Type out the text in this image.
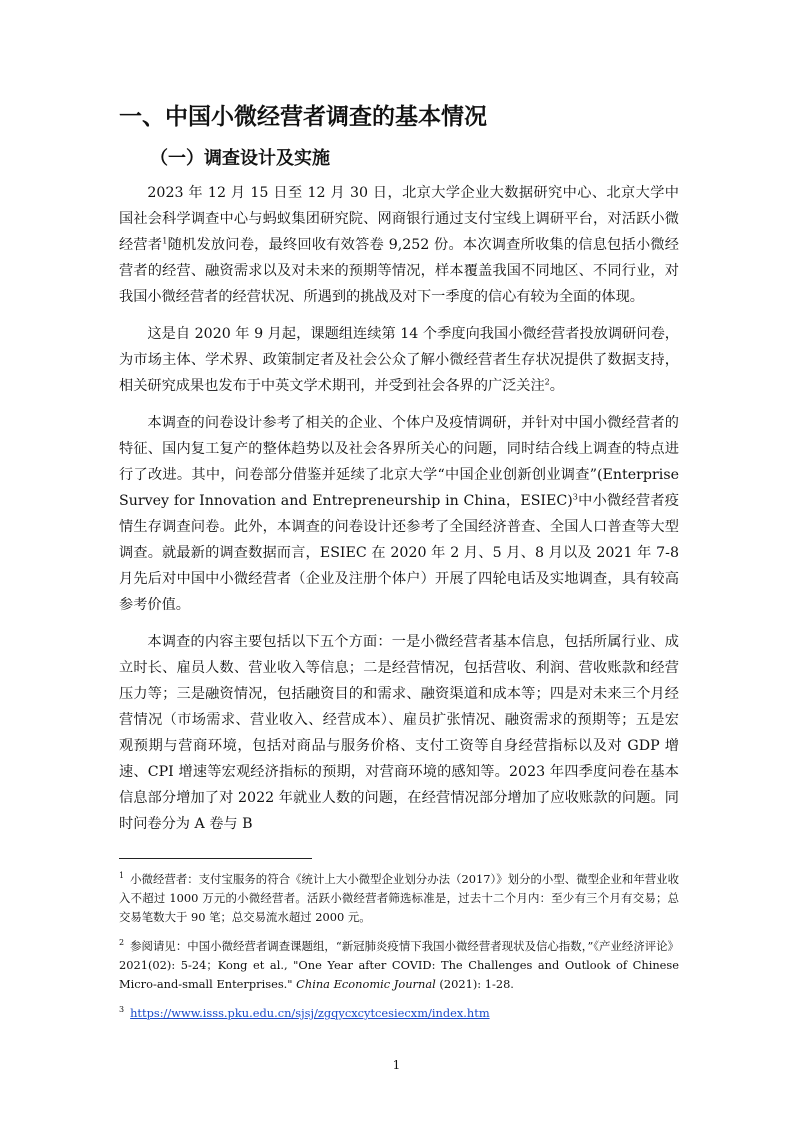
一、中国小微经营者调查的基本情况
（一）调查设计及实施

2023 年 12 月 15 日至 12 月 30 日，北京大学企业大数据研究中心、北京大学中国社会科学调查中心与蚂蚁集团研究院、网商银行通过支付宝线上调研平台，对活跃小微经营者$^1$随机发放问卷，最终回收有效答卷 9,252 份。本次调查所收集的信息包括小微经营者的经营、融资需求以及对未来的预期等情况，样本覆盖我国不同地区、不同行业，对我国小微经营者的经营状况、所遇到的挑战及对下一季度的信心有较为全面的体现。

这是自 2020 年 9 月起，课题组连续第 14 个季度向我国小微经营者投放调研问卷，为市场主体、学术界、政策制定者及社会公众了解小微经营者生存状况提供了数据支持，相关研究成果也发布于中英文学术期刊，并受到社会各界的广泛关注$^2$。

本调查的问卷设计参考了相关的企业、个体户及疫情调研，并针对中国小微经营者的特征、国内复工复产的整体趋势以及社会各界所关心的问题，同时结合线上调查的特点进行了改进。其中，问卷部分借鉴并延续了北京大学“中国企业创新创业调查”(Enterprise Survey for Innovation and Entrepreneurship in China，ESIEC)$^3$中小微经营者疫情生存调查问卷。此外，本调查的问卷设计还参考了全国经济普查、全国人口普查等大型调查。就最新的调查数据而言，ESIEC 在 2020 年 2 月、5 月、8 月以及 2021 年 7-8 月先后对中国中小微经营者（企业及注册个体户）开展了四轮电话及实地调查，具有较高参考价值。

本调查的内容主要包括以下五个方面：一是小微经营者基本信息，包括所属行业、成立时长、雇员人数、营业收入等信息；二是经营情况，包括营收、利润、营收账款和经营压力等；三是融资情况，包括融资目的和需求、融资渠道和成本等；四是对未来三个月经营情况（市场需求、营业收入、经营成本）、雇员扩张情况、融资需求的预期等；五是宏观预期与营商环境，包括对商品与服务价格、支付工资等自身经营指标以及对 GDP 增速、CPI 增速等宏观经济指标的预期，对营商环境的感知等。2023 年四季度问卷在基本信息部分增加了对 2022 年就业人数的问题，在经营情况部分增加了应收账款的问题。同时问卷分为 A 卷与 B

$^1$ 小微经营者：支付宝服务的符合《统计上大小微型企业划分办法（2017）》划分的小型、微型企业和年营业收入不超过 1000 万元的小微经营者。活跃小微经营者筛选标准是，过去十二个月内：至少有三个月有交易；总交易笔数大于 90 笔；总交易流水超过 2000 元。

$^2$ 参阅请见：中国小微经营者调查课题组，“新冠肺炎疫情下我国小微经营者现状及信心指数，”《产业经济评论》2021(02): 5-24；Kong et al., "One Year after COVID: The Challenges and Outlook of Chinese Micro-and-small Enterprises." China Economic Journal (2021): 1-28.

$^3$ https://www.isss.pku.edu.cn/sjsj/zgqycxcytcesiecxm/index.htm

1
